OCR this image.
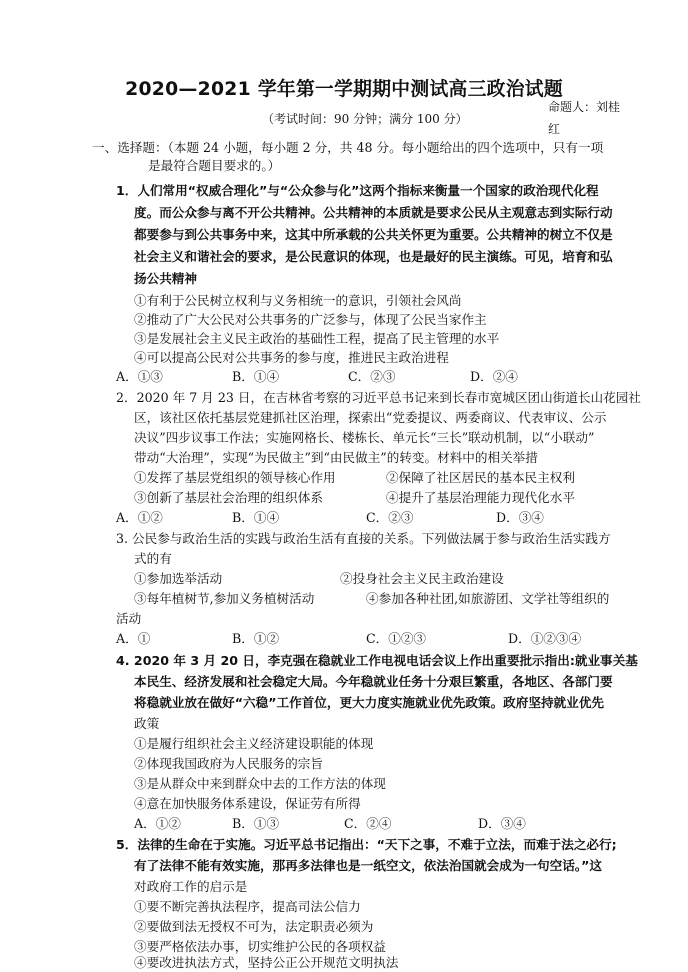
2020—2021 学年第一学期期中测试高三政治试题
命题人：刘桂
红
（考试时间：90 分钟；满分 100 分）
一、选择题：（本题 24 小题，每小题 2 分，共 48 分。每小题给出的四个选项中，只有一项
是最符合题目要求的。）
1．人们常用“权威合理化”与“公众参与化”这两个指标来衡量一个国家的政治现代化程
度。而公众参与离不开公共精神。公共精神的本质就是要求公民从主观意志到实际行动
都要参与到公共事务中来，这其中所承载的公共关怀更为重要。公共精神的树立不仅是
社会主义和谐社会的要求，是公民意识的体现，也是最好的民主演练。可见，培育和弘
扬公共精神
①有利于公民树立权利与义务相统一的意识，引领社会风尚
②推动了广大公民对公共事务的广泛参与，体现了公民当家作主
③是发展社会主义民主政治的基础性工程，提高了民主管理的水平
④可以提高公民对公共事务的参与度，推进民主政治进程
A．①③	B．①④	C．②③	D．②④
2．2020 年 7 月 23 日，在吉林省考察的习近平总书记来到长春市宽城区团山街道长山花园社
区，该社区依托基层党建抓社区治理，探索出“党委提议、两委商议、代表审议、公示
决议”四步议事工作法；实施网格长、楼栋长、单元长“三长”联动机制，以“小联动”
带动“大治理”，实现“为民做主”到“由民做主”的转变。材料中的相关举措
①发挥了基层党组织的领导核心作用	②保障了社区居民的基本民主权利
③创新了基层社会治理的组织体系	④提升了基层治理能力现代化水平
A．①②	B．①④	C．②③	D．③④
3. 公民参与政治生活的实践与政治生活有直接的关系。下列做法属于参与政治生活实践方
式的有
①参加选举活动	②投身社会主义民主政治建设
③每年植树节,参加义务植树活动	④参加各种社团,如旅游团、文学社等组织的
活动
A．①	B．①②	C．①②③	D．①②③④
4. 2020 年 3 月 20 日，李克强在稳就业工作电视电话会议上作出重要批示指出:就业事关基
本民生、经济发展和社会稳定大局。今年稳就业任务十分艰巨繁重，各地区、各部门要
将稳就业放在做好“六稳”工作首位，更大力度实施就业优先政策。政府坚持就业优先
政策
①是履行组织社会主义经济建设职能的体现
②体现我国政府为人民服务的宗旨
③是从群众中来到群众中去的工作方法的体现
④意在加快服务体系建设，保证劳有所得
A．①②	B．①③	C．②④	D．③④
5．法律的生命在于实施。习近平总书记指出：“天下之事，不难于立法，而难于法之必行;
有了法律不能有效实施，那再多法律也是一纸空文，依法治国就会成为一句空话。”这
对政府工作的启示是
①要不断完善执法程序，提高司法公信力
②要做到法无授权不可为，法定职责必须为
③要严格依法办事，切实维护公民的各项权益
④要改进执法方式，坚持公正公开规范文明执法
